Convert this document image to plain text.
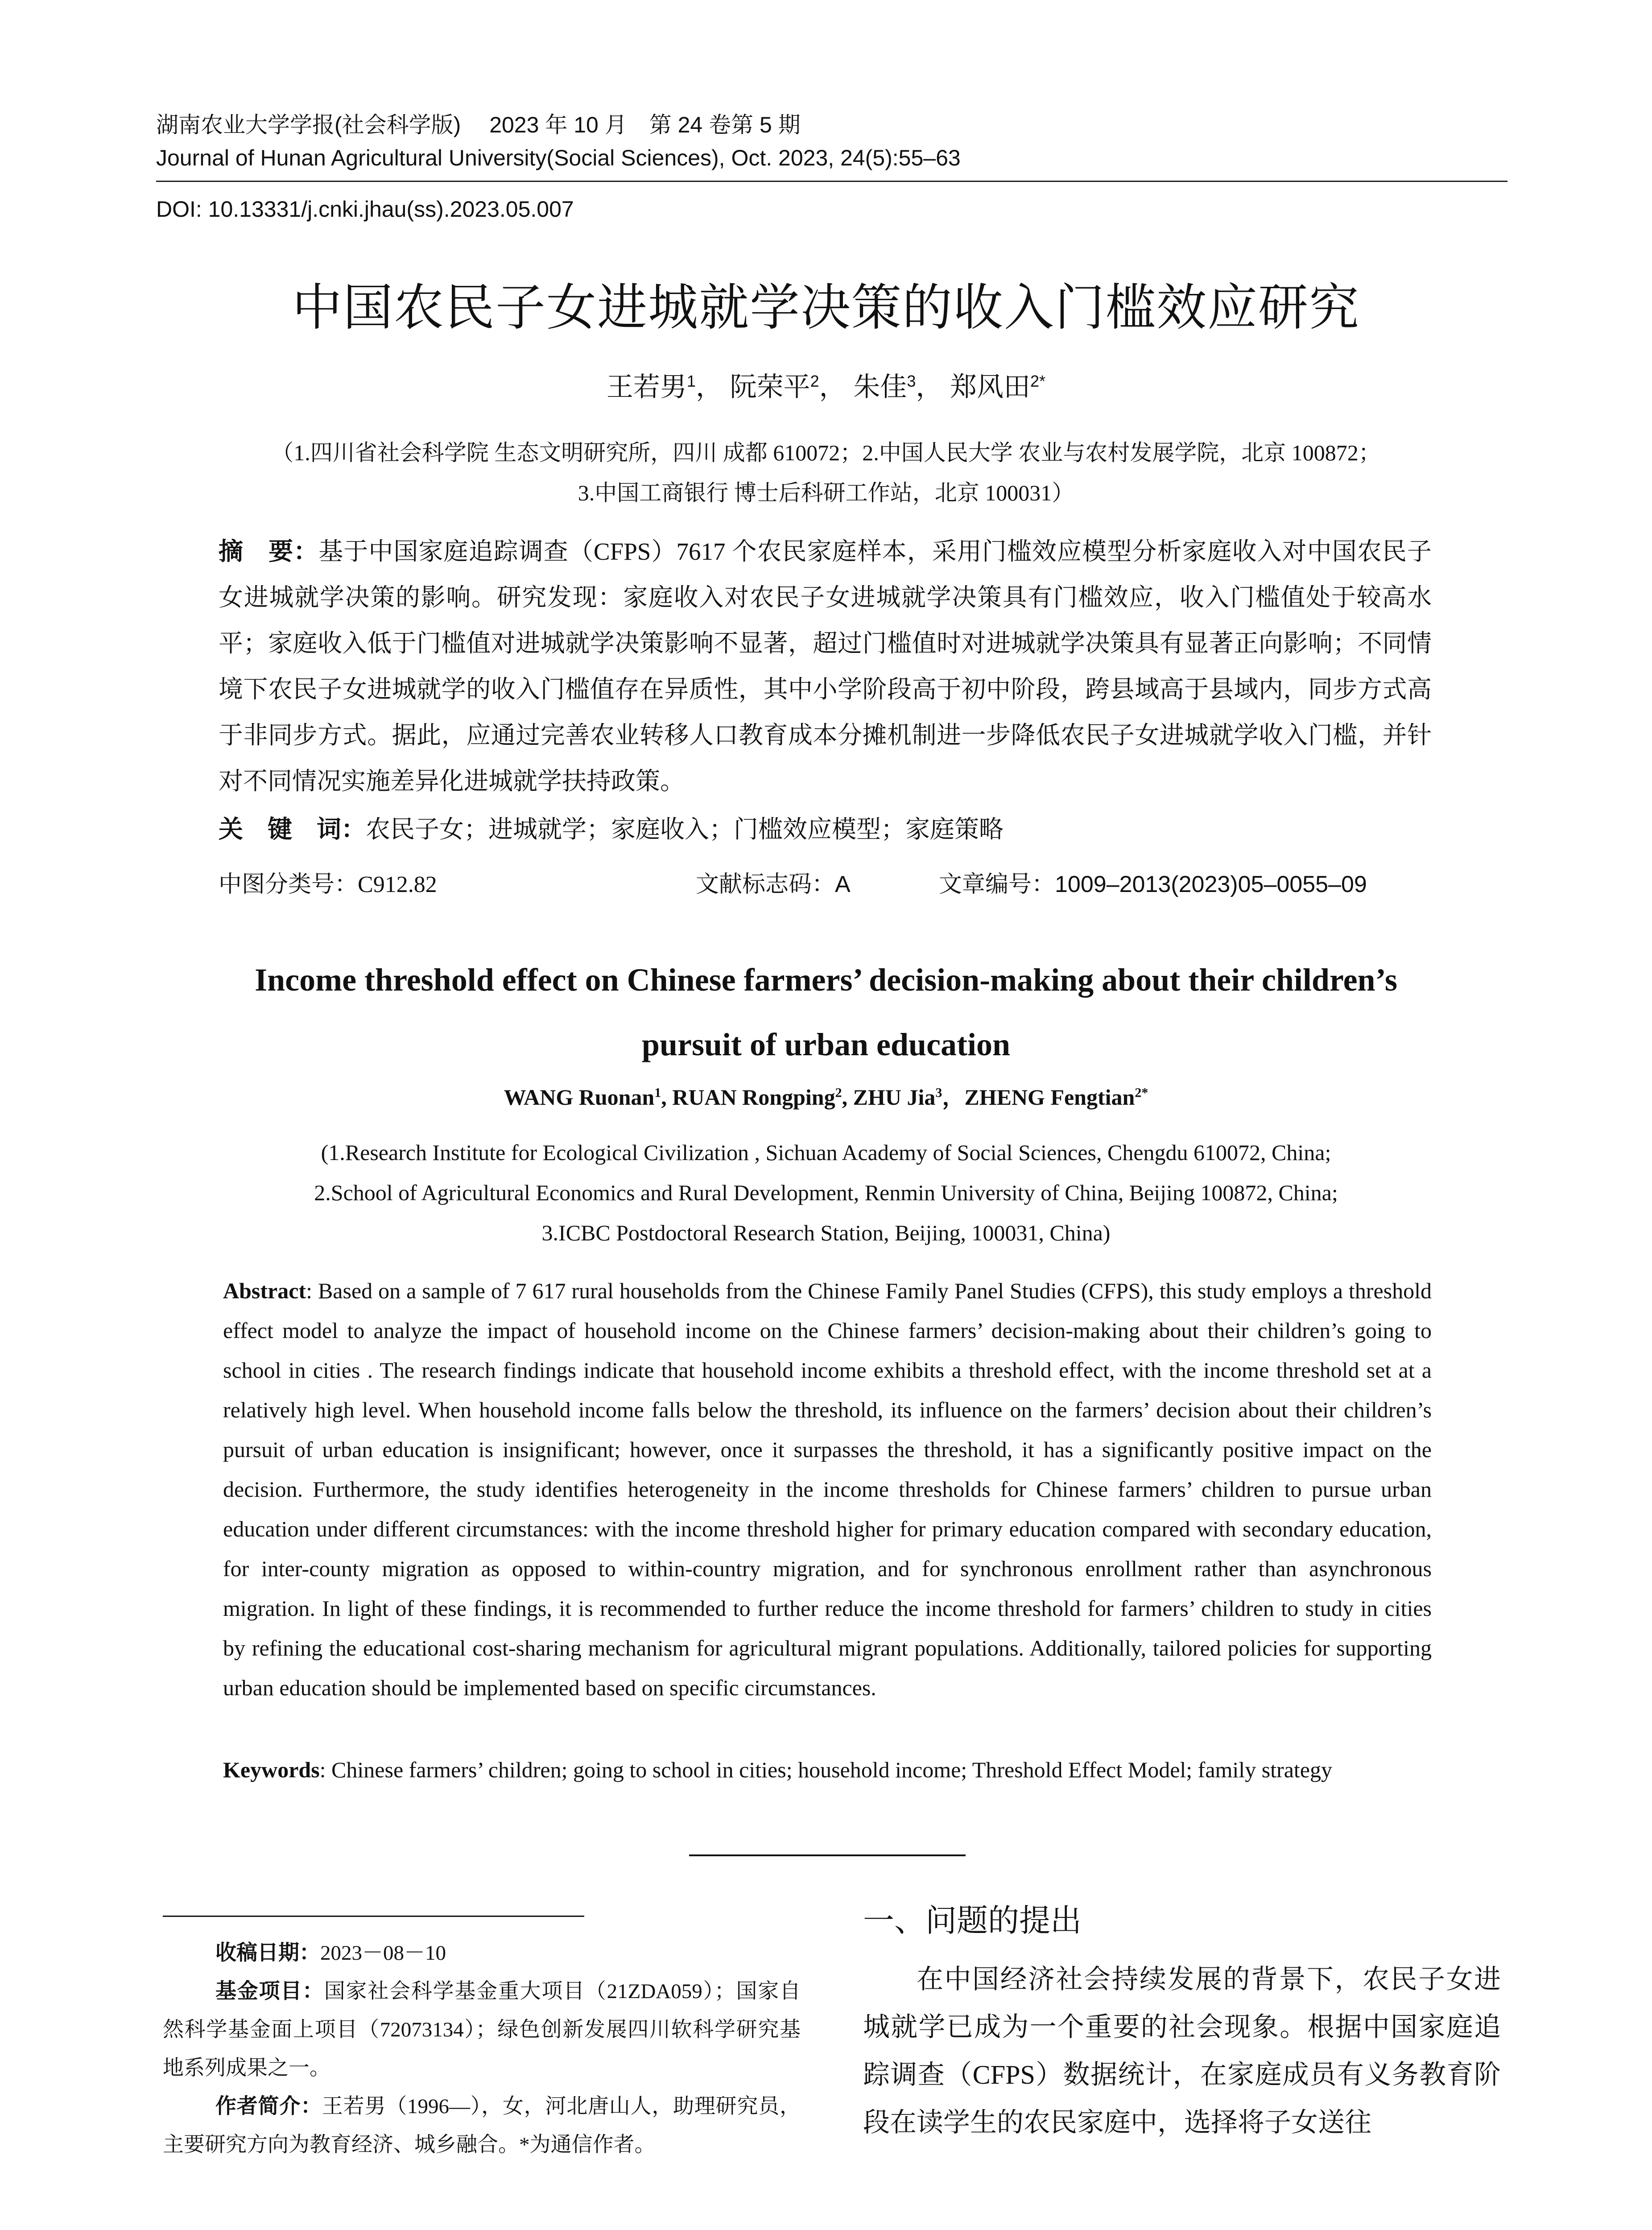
湖南农业大学学报(社会科学版)　 2023 年 10 月　第 24 卷第 5 期
Journal of Hunan Agricultural University(Social Sciences), Oct. 2023, 24(5):55–63
DOI: 10.13331/j.cnki.jhau(ss).2023.05.007
中国农民子女进城就学决策的收入门槛效应研究
王若男$^1$， 阮荣平$^2$， 朱佳$^3$， 郑风田$^{2*}$
（1.四川省社会科学院 生态文明研究所，四川 成都 610072；2.中国人民大学 农业与农村发展学院，北京 100872；
3.中国工商银行 博士后科研工作站，北京 100031）
摘　要：基于中国家庭追踪调查（CFPS）7617 个农民家庭样本，采用门槛效应模型分析家庭收入对中国农民子女进城就学决策的影响。研究发现：家庭收入对农民子女进城就学决策具有门槛效应，收入门槛值处于较高水平；家庭收入低于门槛值对进城就学决策影响不显著，超过门槛值时对进城就学决策具有显著正向影响；不同情境下农民子女进城就学的收入门槛值存在异质性，其中小学阶段高于初中阶段，跨县域高于县域内，同步方式高于非同步方式。据此，应通过完善农业转移人口教育成本分摊机制进一步降低农民子女进城就学收入门槛，并针对不同情况实施差异化进城就学扶持政策。
关　键　词：农民子女；进城就学；家庭收入；门槛效应模型；家庭策略
中图分类号：C912.82	文献标志码：A	文章编号：1009–2013(2023)05–0055–09
Income threshold effect on Chinese farmers’ decision-making about their children’s
pursuit of urban education
WANG Ruonan$^1$, RUAN Rongping$^2$, ZHU Jia$^3$，ZHENG Fengtian$^{2*}$
(1.Research Institute for Ecological Civilization , Sichuan Academy of Social Sciences, Chengdu 610072, China;
2.School of Agricultural Economics and Rural Development, Renmin University of China, Beijing 100872, China;
3.ICBC Postdoctoral Research Station, Beijing, 100031, China)
Abstract: Based on a sample of 7 617 rural households from the Chinese Family Panel Studies (CFPS), this study employs a threshold effect model to analyze the impact of household income on the Chinese farmers’ decision-making about their children’s going to school in cities . The research findings indicate that household income exhibits a threshold effect, with the income threshold set at a relatively high level. When household income falls below the threshold, its influence on the farmers’ decision about their children’s pursuit of urban education is insignificant; however, once it surpasses the threshold, it has a significantly positive impact on the decision. Furthermore, the study identifies heterogeneity in the income thresholds for Chinese farmers’ children to pursue urban education under different circumstances: with the income threshold higher for primary education compared with secondary education, for inter-county migration as opposed to within-country migration, and for synchronous enrollment rather than asynchronous migration. In light of these findings, it is recommended to further reduce the income threshold for farmers’ children to study in cities by refining the educational cost-sharing mechanism for agricultural migrant populations. Additionally, tailored policies for supporting urban education should be implemented based on specific circumstances.
Keywords: Chinese farmers’ children; going to school in cities; household income; Threshold Effect Model; family strategy
收稿日期：2023－08－10
基金项目：国家社会科学基金重大项目（21ZDA059）；国家自然科学基金面上项目（72073134）；绿色创新发展四川软科学研究基地系列成果之一。
作者简介：王若男（1996—），女，河北唐山人，助理研究员，主要研究方向为教育经济、城乡融合。*为通信作者。
一、问题的提出
在中国经济社会持续发展的背景下，农民子女进城就学已成为一个重要的社会现象。根据中国家庭追踪调查（CFPS）数据统计，在家庭成员有义务教育阶段在读学生的农民家庭中，选择将子女送往
